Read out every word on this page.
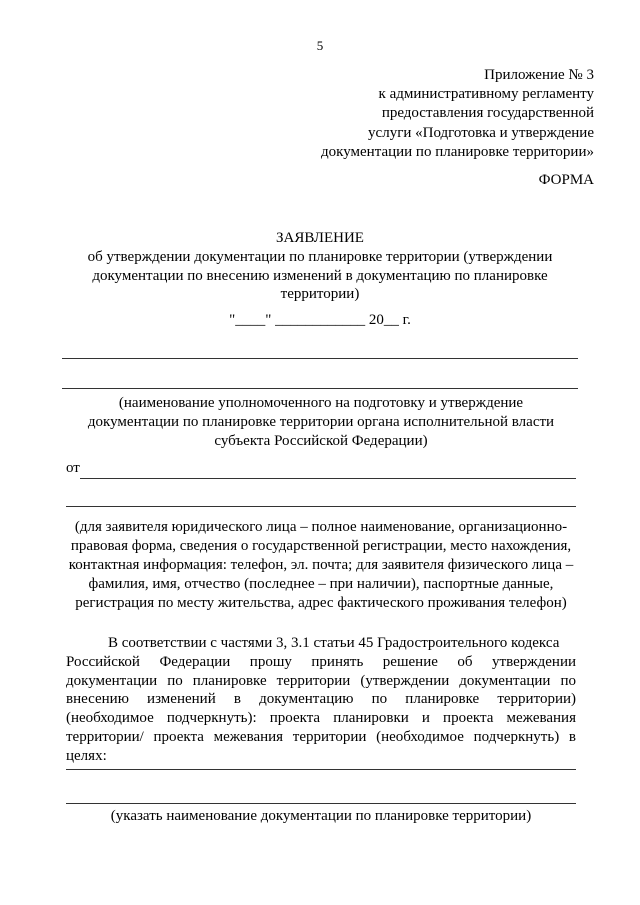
5
Приложение № 3
к административному регламенту
предоставления государственной
услуги «Подготовка и утверждение
документации по планировке территории»
ФОРМА
ЗАЯВЛЕНИЕ
об утверждении документации по планировке территории (утверждении
документации по внесению изменений в документацию по планировке
территории)
"____" ____________ 20__ г.
(наименование уполномоченного на подготовку и утверждение
документации по планировке территории органа исполнительной власти
субъекта Российской Федерации)
от
(для заявителя юридического лица – полное наименование, организационно-
правовая форма, сведения о государственной регистрации, место нахождения,
контактная информация: телефон, эл. почта; для заявителя физического лица –
фамилия, имя, отчество (последнее – при наличии), паспортные данные,
регистрация по месту жительства, адрес фактического проживания телефон)
В соответствии с частями 3, 3.1 статьи 45 Градостроительного кодекса
Российской Федерации прошу принять решение об утверждении
документации по планировке территории (утверждении документации по
внесению изменений в документацию по планировке территории)
(необходимое подчеркнуть): проекта планировки и проекта межевания
территории/ проекта межевания территории (необходимое подчеркнуть) в
целях:
(указать наименование документации по планировке территории)
